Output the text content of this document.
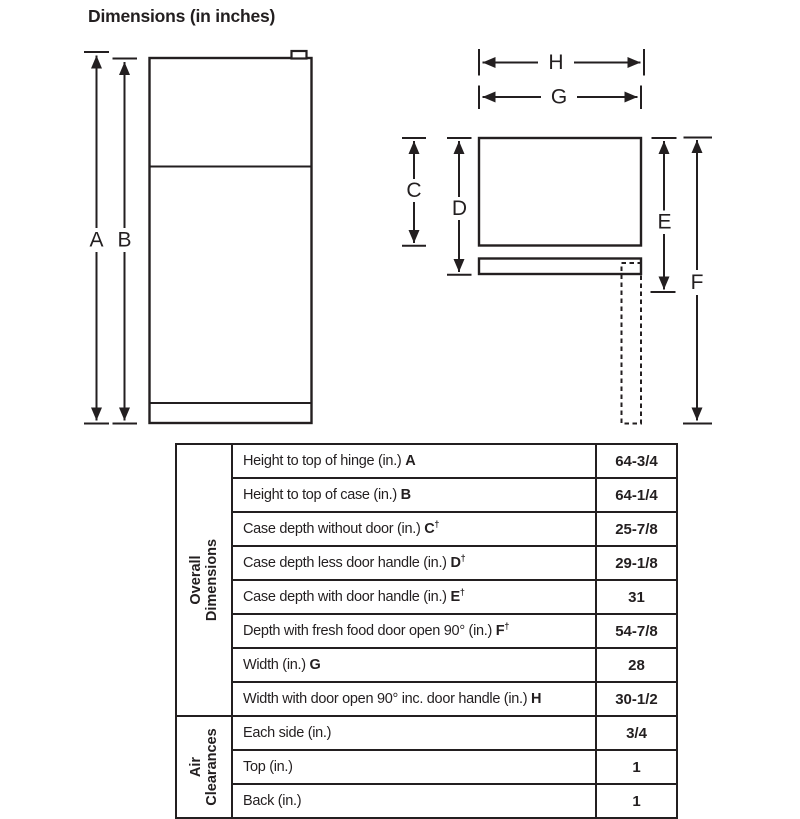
Dimensions (in inches)
A B
H
G
C
D
E
F
Overall Dimensions	Height to top of hinge (in.) A	64-3/4
	Height to top of case (in.) B	64-1/4
	Case depth without door (in.) C†	25-7/8
	Case depth less door handle (in.) D†	29-1/8
	Case depth with door handle (in.) E†	31
	Depth with fresh food door open 90° (in.) F†	54-7/8
	Width (in.) G	28
	Width with door open 90° inc. door handle (in.) H	30-1/2

Air Clearances	Each side (in.)	3/4
	Top (in.)	1
	Back (in.)	1
